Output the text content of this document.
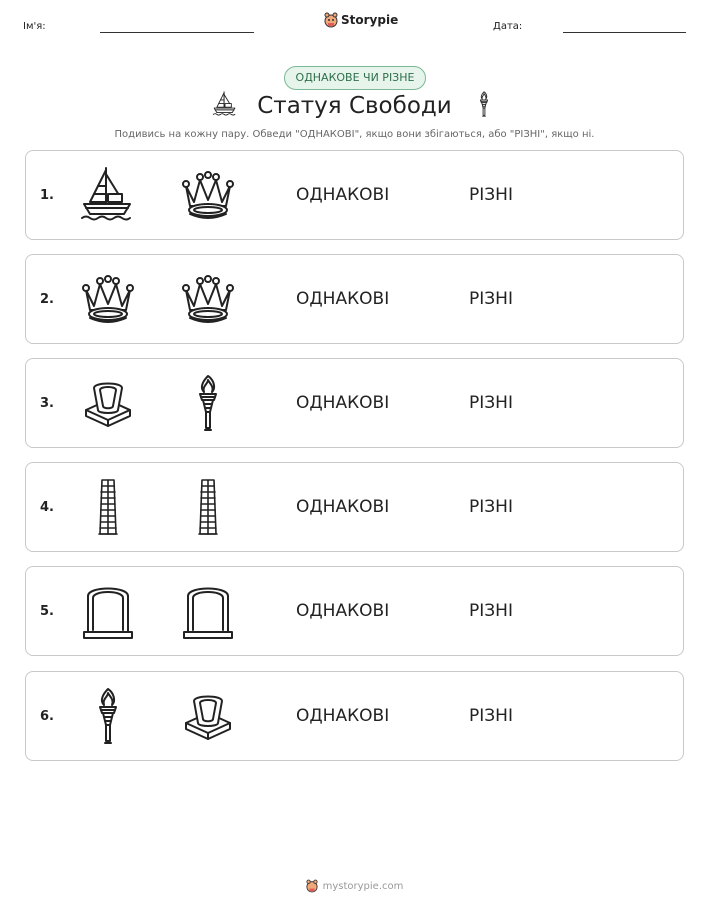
Ім'я:	Storypie	Дата:
ОДНАКОВЕ ЧИ РІЗНЕ
Статуя Свободи
Подивись на кожну пару. Обведи "ОДНАКОВІ", якщо вони збігаються, або "РІЗНІ", якщо ні.
1.	ОДНАКОВІ	РІЗНІ
2.	ОДНАКОВІ	РІЗНІ
3.	ОДНАКОВІ	РІЗНІ
4.	ОДНАКОВІ	РІЗНІ
5.	ОДНАКОВІ	РІЗНІ
6.	ОДНАКОВІ	РІЗНІ
mystorypie.com
